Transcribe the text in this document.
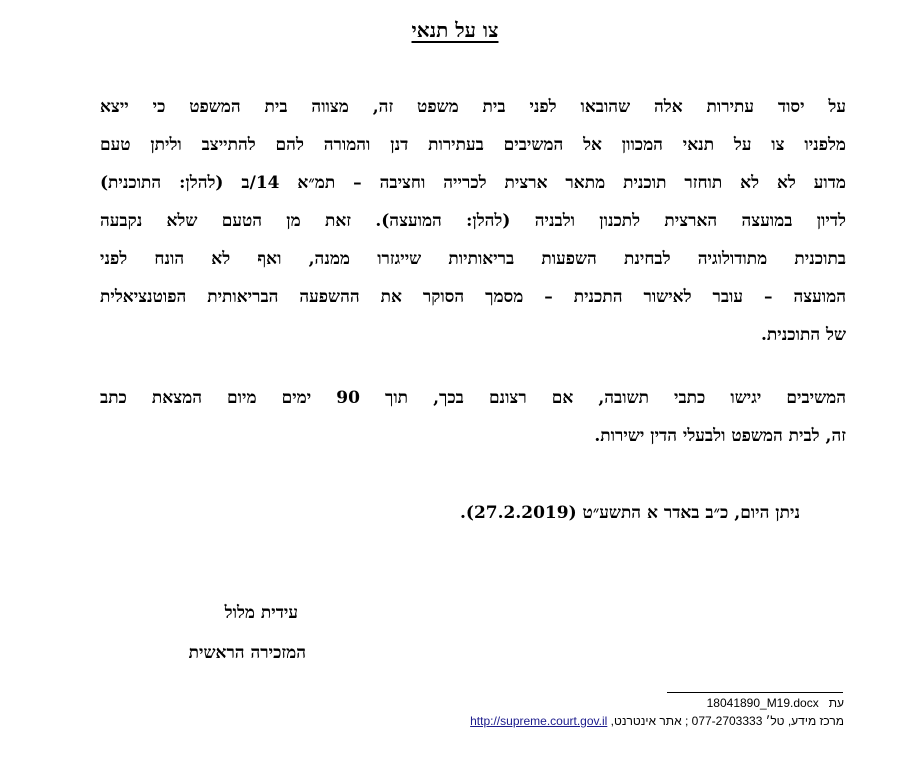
צו על תנאי
על יסוד עתירות אלה שהובאו לפני בית משפט זה, מצווה בית המשפט כי ייצא
מלפניו צו על תנאי המכוון אל המשיבים בעתירות דנן והמורה להם להתייצב וליתן טעם
מדוע לא לא תוחזר תוכנית מתאר ארצית לכרייה וחציבה – תמ״א 14/ב (להלן: התוכנית)
לדיון במועצה הארצית לתכנון ולבניה (להלן: המועצה). זאת מן הטעם שלא נקבעה
בתוכנית מתודולוגיה לבחינת השפעות בריאותיות שייגזרו ממנה, ואף לא הונח לפני
המועצה – עובר לאישור התכנית – מסמך הסוקר את ההשפעה הבריאותית הפוטנציאלית
של התוכנית.
המשיבים יגישו כתבי תשובה, אם רצונם בכך, תוך 90 ימים מיום המצאת כתב
זה, לבית המשפט ולבעלי הדין ישירות.
ניתן היום, כ״ב באדר א התשע״ט (27.2.2019).
עידית מלול
המזכירה הראשית
18041890_M19.docx עת
מרכז מידע, טל׳ 077-2703333 ; אתר אינטרנט, http://supreme.court.gov.il
